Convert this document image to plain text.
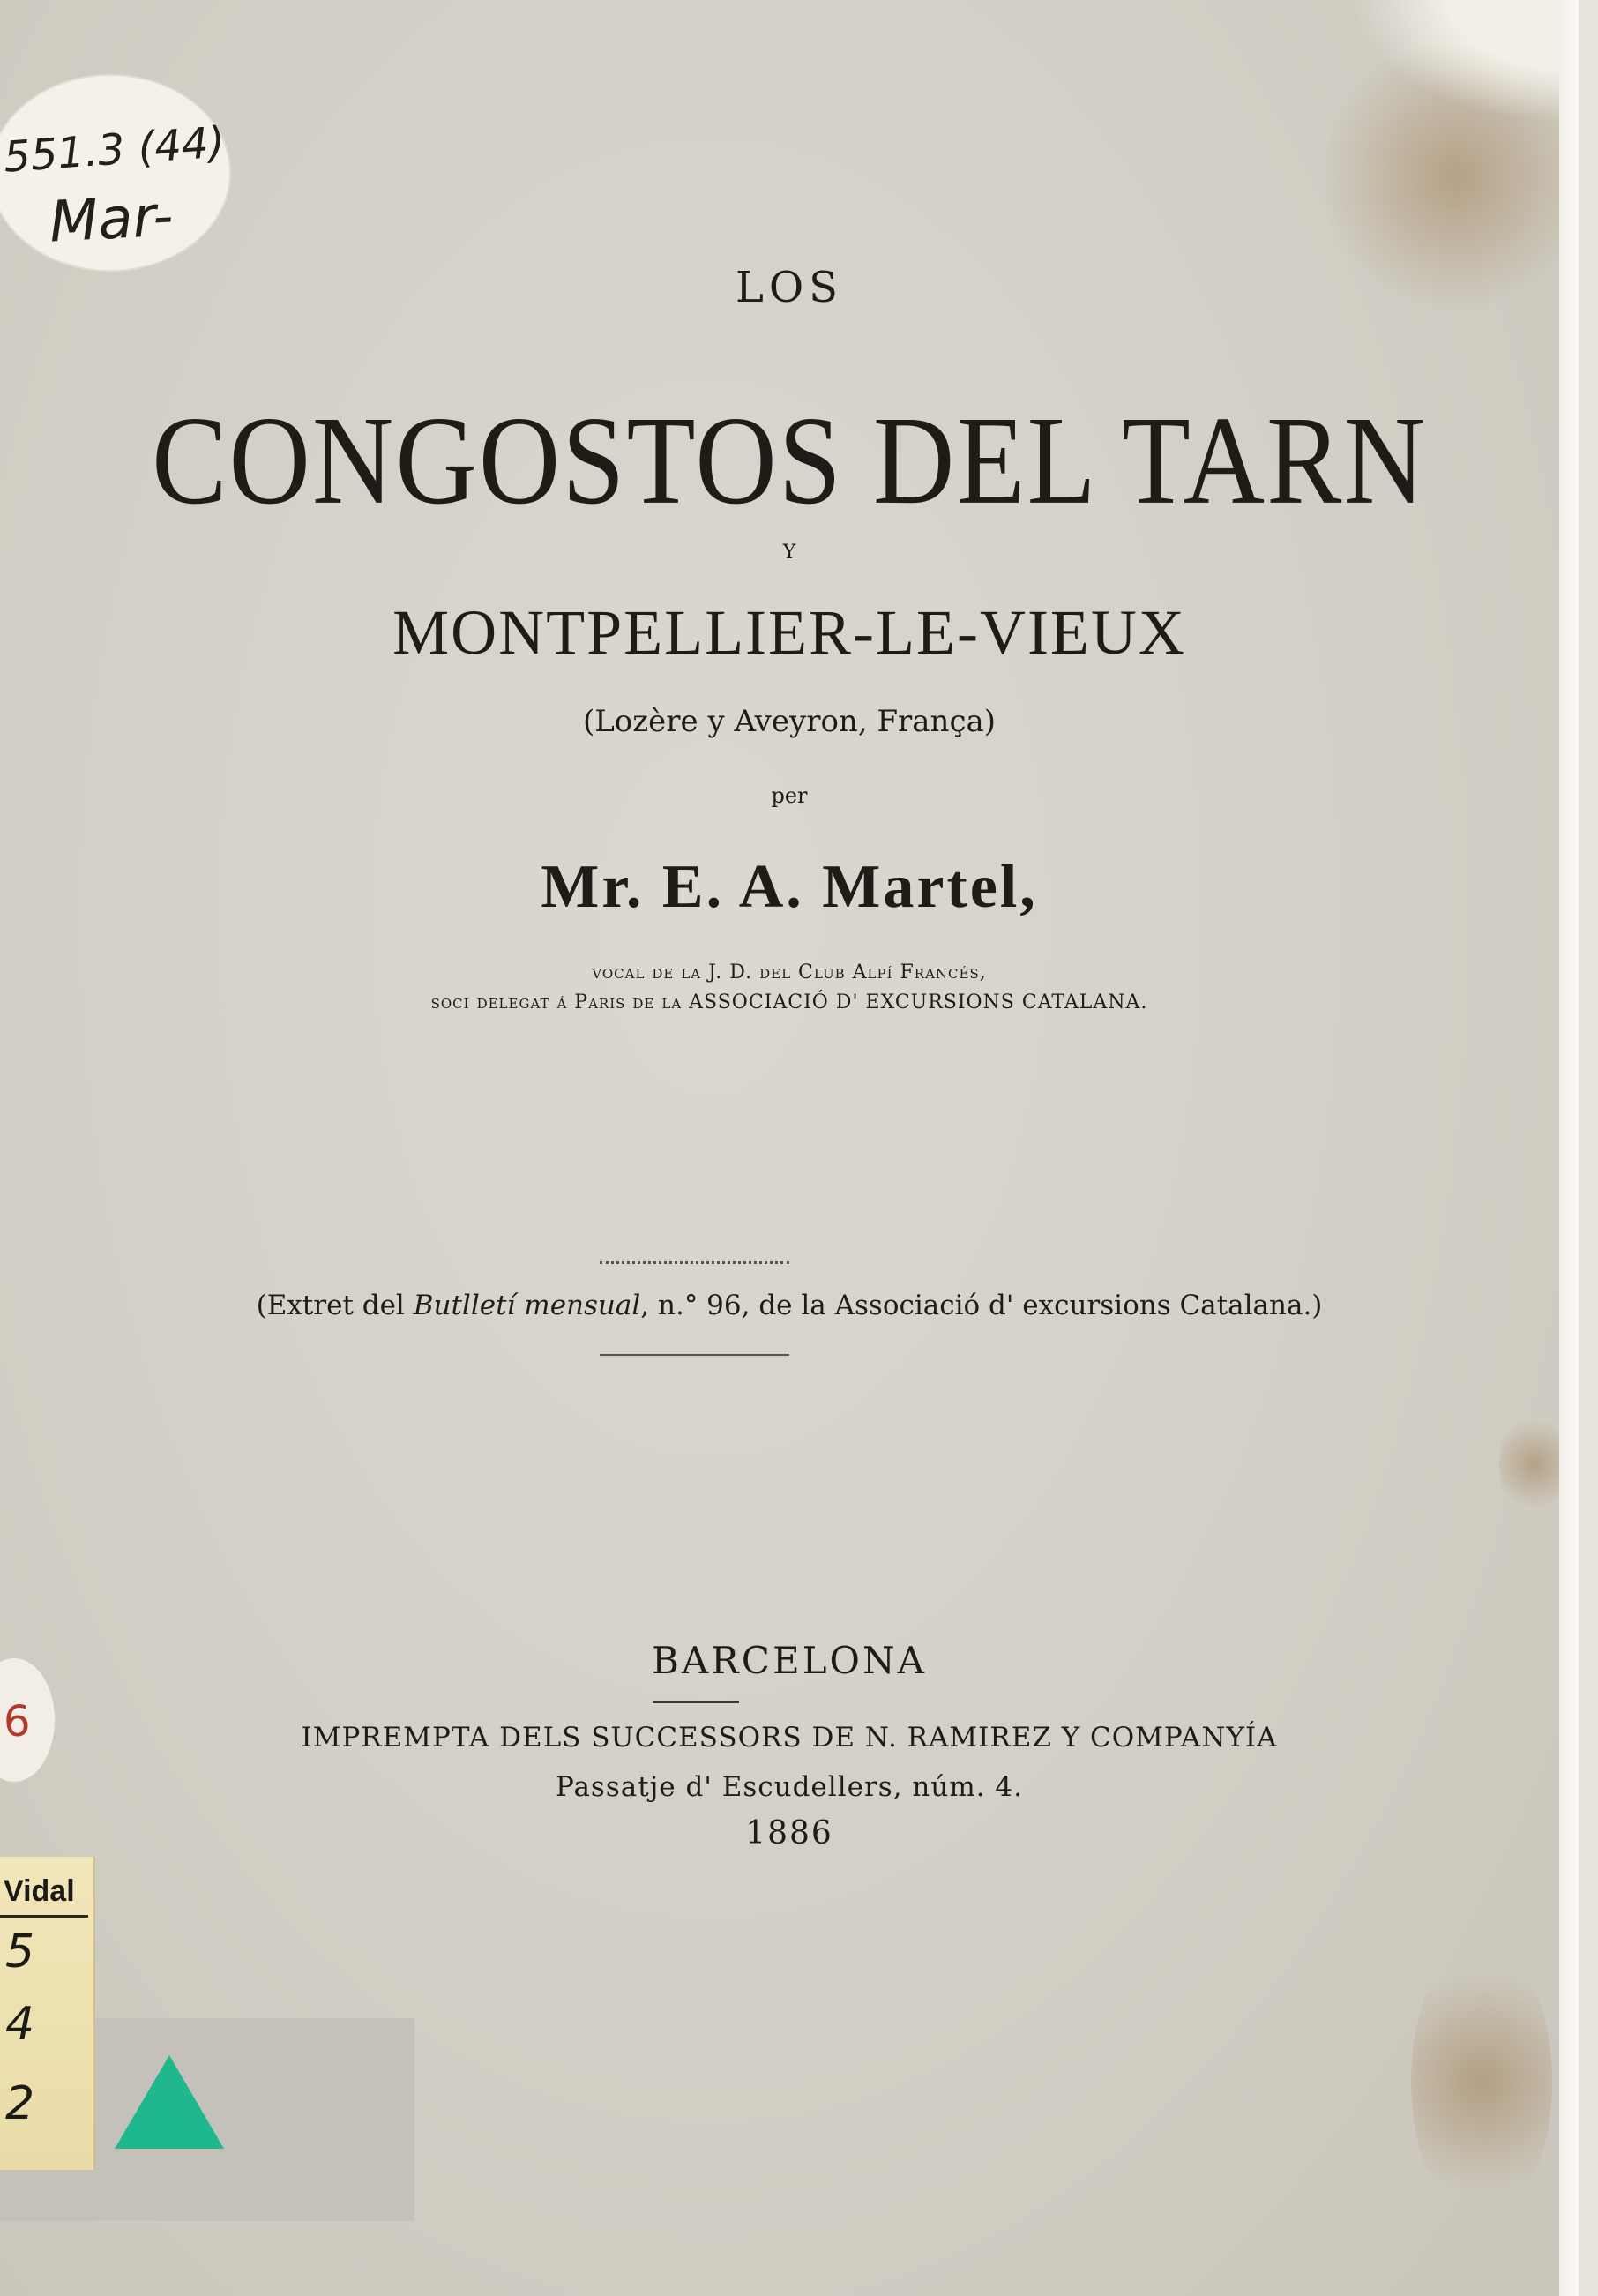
LOS
CONGOSTOS DEL TARN
Y
MONTPELLIER-LE-VIEUX
(Lozère y Aveyron, França)
per
Mr. E. A. Martel,
vocal de la J. D. del Club Alpí Francés,
soci delegat á Paris de la ASSOCIACIÓ D' EXCURSIONS CATALANA.
(Extret del Butlletí mensual, n.° 96, de la Associació d' excursions Catalana.)
BARCELONA
IMPREMPTA DELS SUCCESSORS DE N. RAMIREZ Y COMPANYÍA
Passatje d' Escudellers, núm. 4.
1886
551.3 (44)
Mar-
6
Vidal
5
4
2
